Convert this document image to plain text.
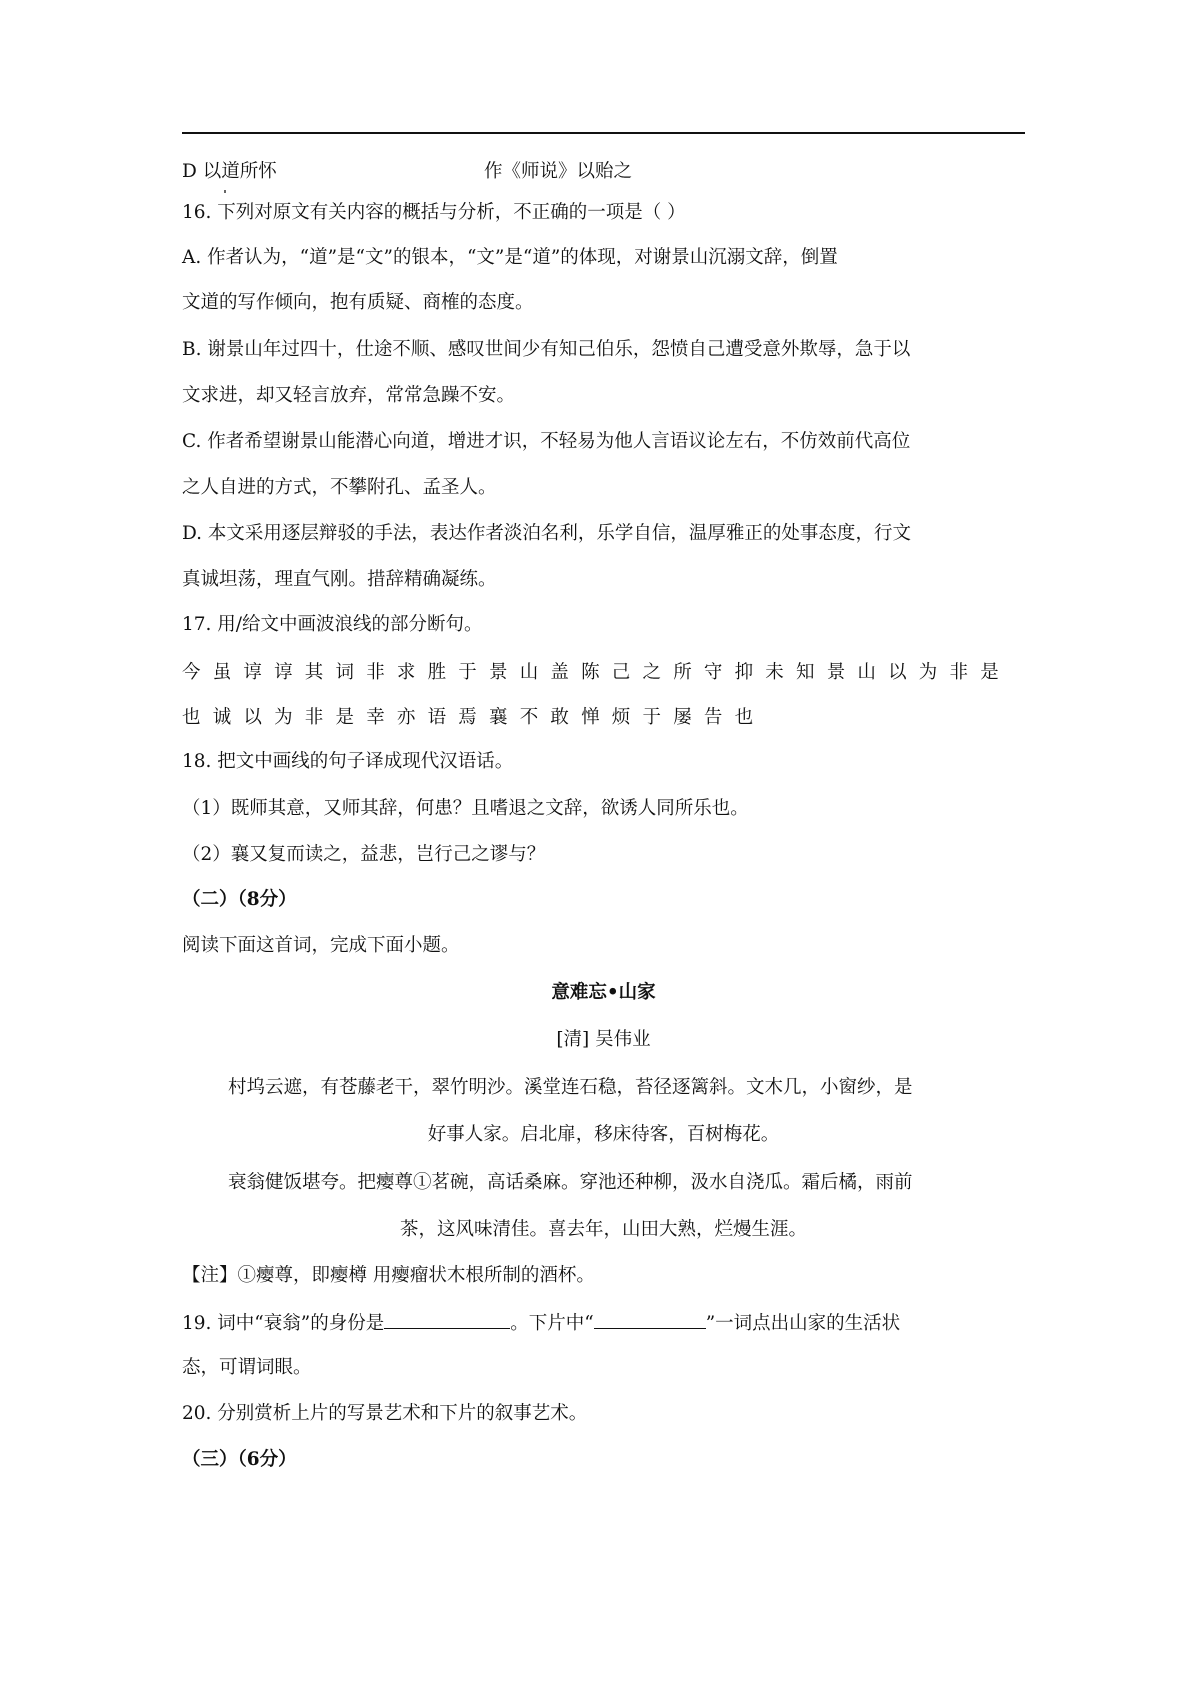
D 以道所怀	作《师说》以贻之
16. 下列对原文有关内容的概括与分析，不正确的一项是（ ）
A. 作者认为，“道”是“文”的银本，“文”是“道”的体现，对谢景山沉溺文辞，倒置
文道的写作倾向，抱有质疑、商榷的态度。
B. 谢景山年过四十，仕途不顺、感叹世间少有知己伯乐，怨愤自己遭受意外欺辱，急于以
文求进，却又轻言放弃，常常急躁不安。
C. 作者希望谢景山能潜心向道，增进才识，不轻易为他人言语议论左右，不仿效前代高位
之人自进的方式，不攀附孔、孟圣人。
D. 本文采用逐层辩驳的手法，表达作者淡泊名利，乐学自信，温厚雅正的处事态度，行文
真诚坦荡，理直气刚。措辞精确凝练。
17. 用/给文中画波浪线的部分断句。
今虽谆谆其词非求胜于景山盖陈己之所守抑未知景山以为非是
也诚以为非是幸亦语焉襄不敢惮烦于屡告也
18. 把文中画线的句子译成现代汉语话。
（1）既师其意，又师其辞，何患？且嗜退之文辞，欲诱人同所乐也。
（2）襄又复而读之，益悲，岂行己之谬与？
（二）（8分）
阅读下面这首词，完成下面小题。
意难忘•山家
[清] 吴伟业
村坞云遮，有苍藤老干，翠竹明沙。溪堂连石稳，苔径逐篱斜。文木几，小窗纱，是
好事人家。启北扉，移床待客，百树梅花。
衰翁健饭堪夸。把瘿尊①茗碗，高话桑麻。穿池还种柳，汲水自浇瓜。霜后橘，雨前
茶，这风味清佳。喜去年，山田大熟，烂熳生涯。
【注】①瘿尊，即瘿樽 用瘿瘤状木根所制的酒杯。
19. 词中“衰翁”的身份是	。下片中“	”一词点出山家的生活状
态，可谓词眼。
20. 分别赏析上片的写景艺术和下片的叙事艺术。
（三）（6分）
